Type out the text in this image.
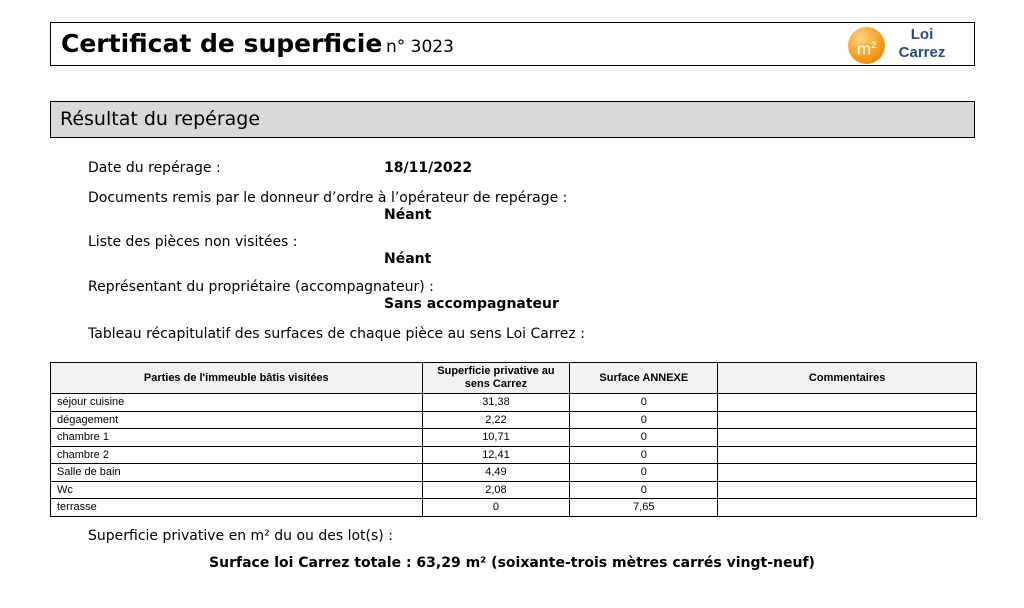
Certificat de superficie n° 3023	$m^2$
Loi
Carrez
Résultat du repérage
Date du repérage :	18/11/2022
Documents remis par le donneur d’ordre à l’opérateur de repérage :
Néant
Liste des pièces non visitées :
Néant
Représentant du propriétaire (accompagnateur) :
Sans accompagnateur
Tableau récapitulatif des surfaces de chaque pièce au sens Loi Carrez :
Parties de l'immeuble bâtis visitées	Superficie privative au sens Carrez	Surface ANNEXE	Commentaires
séjour cuisine	31,38	0	
dégagement	2,22	0	
chambre 1	10,71	0	
chambre 2	12,41	0	
Salle de bain	4,49	0	
Wc	2,08	0	
terrasse	0	7,65	
Superficie privative en m² du ou des lot(s) :
Surface loi Carrez totale : 63,29 m² (soixante-trois mètres carrés vingt-neuf)
